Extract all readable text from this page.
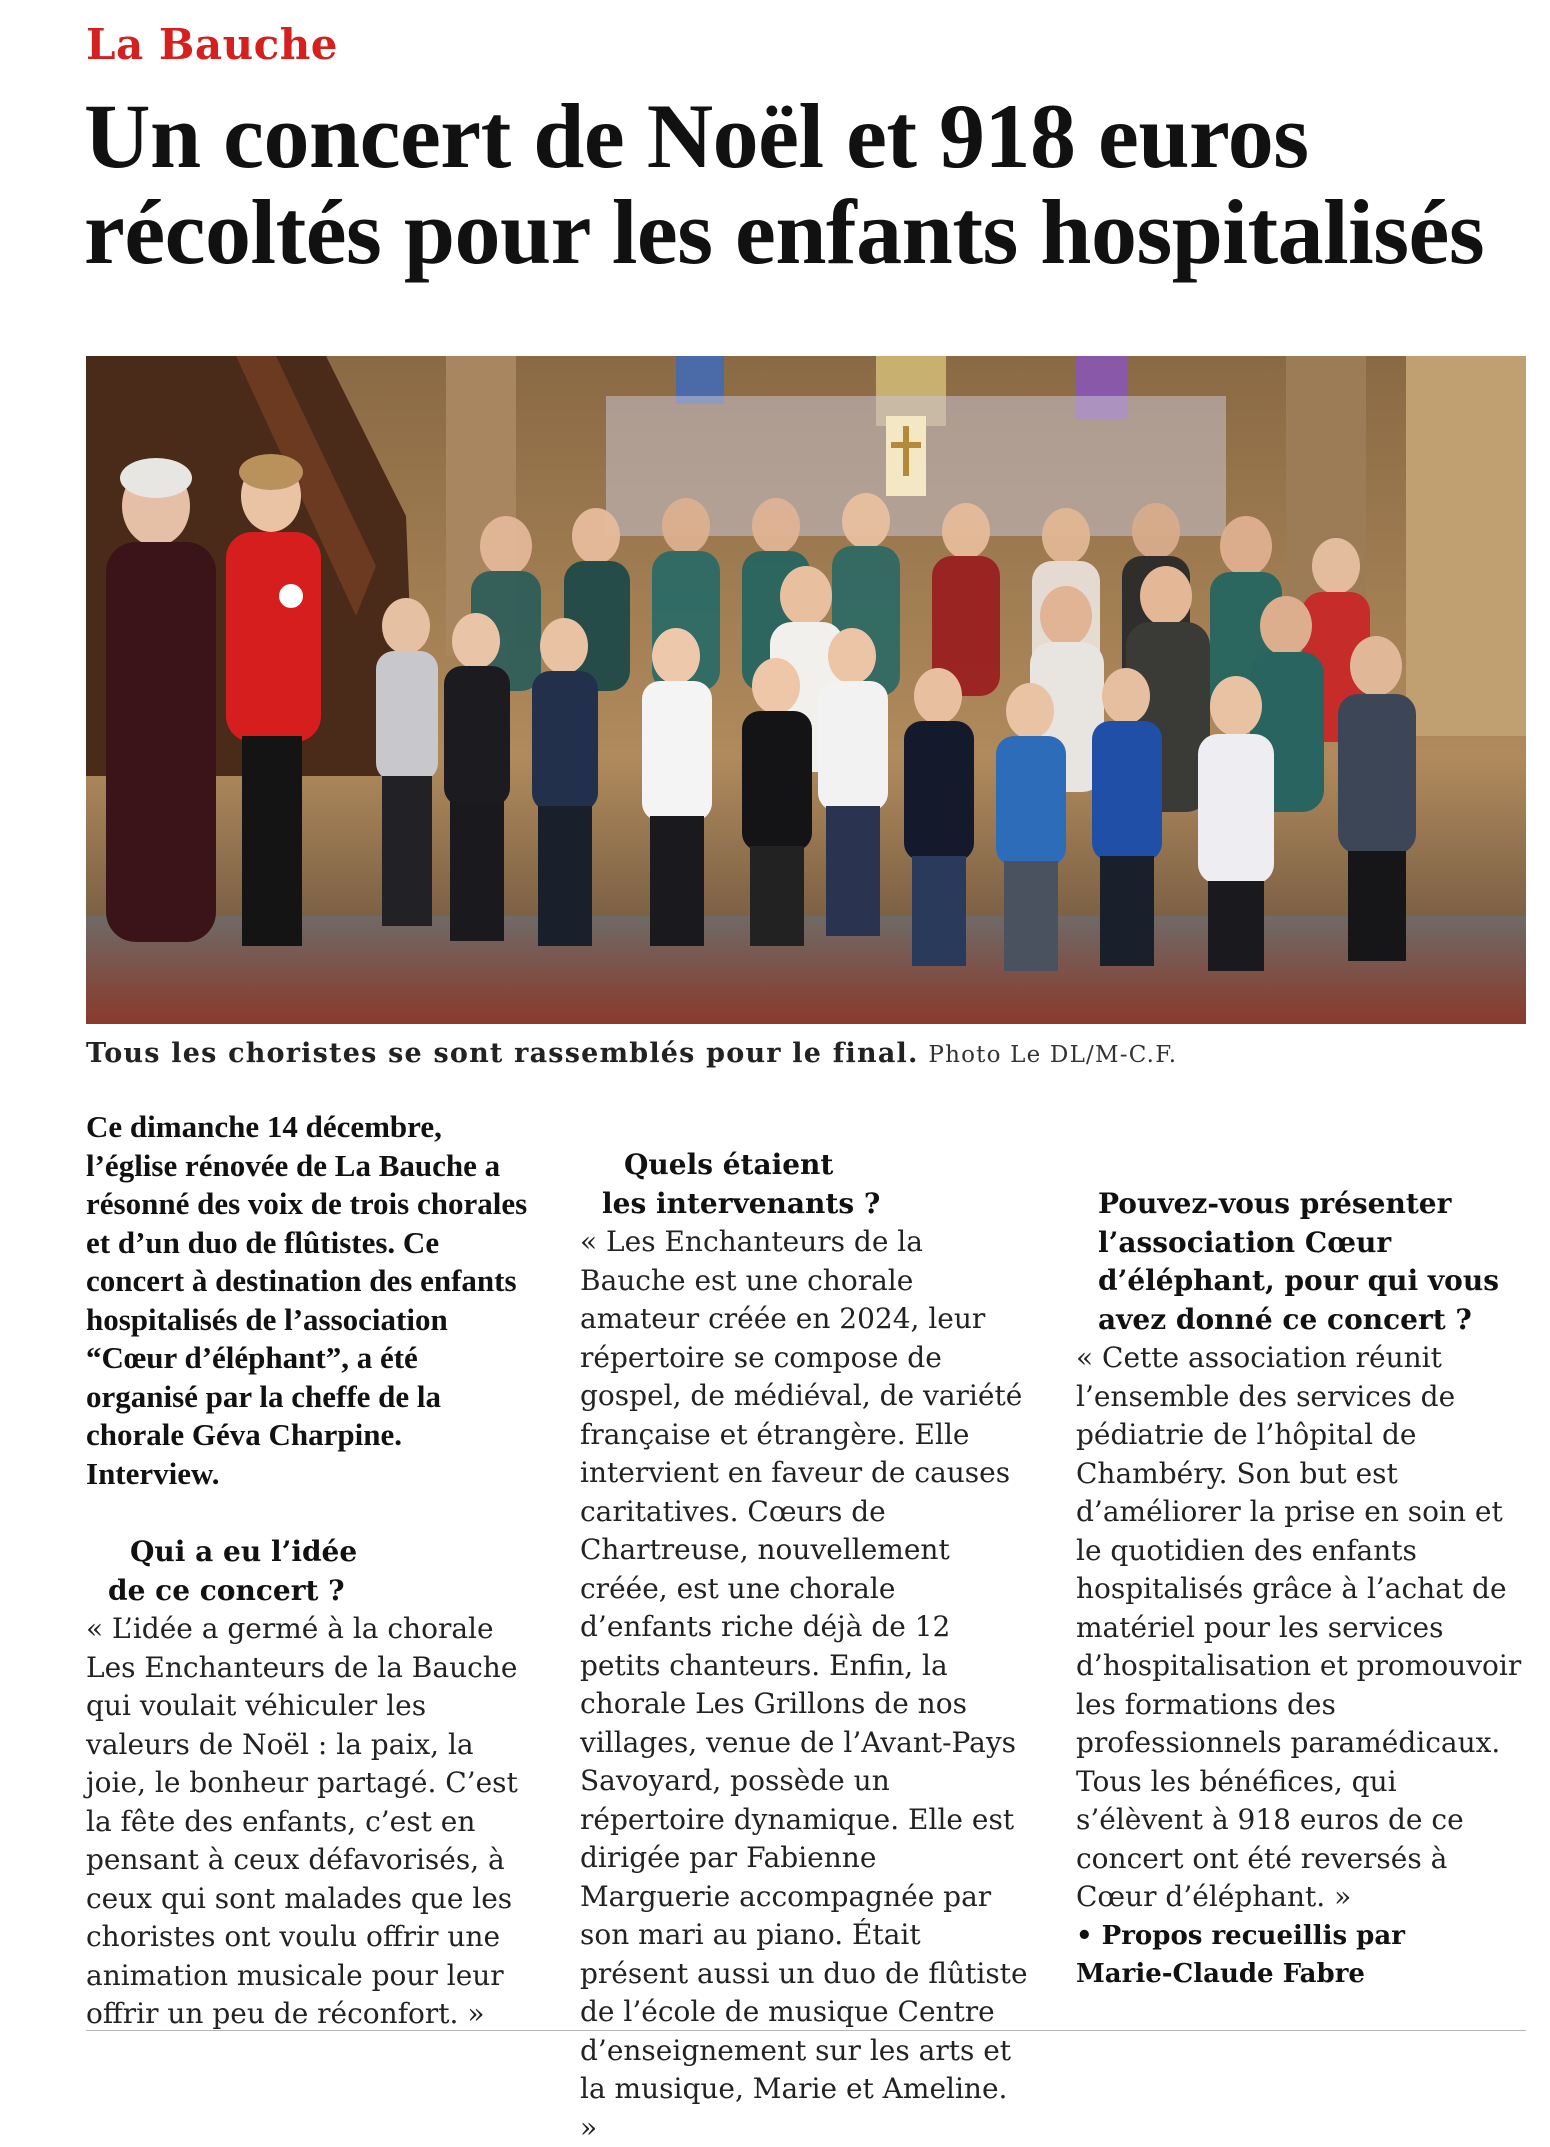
La Bauche
Un concert de Noël et 918 euros
récoltés pour les enfants hospitalisés
Tous les choristes se sont rassemblés pour le final. Photo Le DL/M-C.F.

Ce dimanche 14 décembre, l’église rénovée de La Bauche a résonné des voix de trois chorales et d’un duo de flûtistes. Ce concert à destination des enfants hospitalisés de l’association “Cœur d’éléphant”, a été organisé par la cheffe de la chorale Géva Charpine. Interview.

Qui a eu l’idée

de ce concert ?

« L’idée a germé à la chorale Les Enchanteurs de la Bauche qui voulait véhiculer les valeurs de Noël : la paix, la joie, le bonheur partagé. C’est la fête des enfants, c’est en pensant à ceux défavorisés, à ceux qui sont malades que les choristes ont voulu offrir une animation musicale pour leur offrir un peu de réconfort. »

Quels étaient

les intervenants ?

« Les Enchanteurs de la Bauche est une chorale amateur créée en 2024, leur répertoire se compose de gospel, de médiéval, de variété française et étrangère. Elle intervient en faveur de causes caritatives. Cœurs de Chartreuse, nouvellement créée, est une chorale d’enfants riche déjà de 12 petits chanteurs. Enfin, la chorale Les Grillons de nos villages, venue de l’Avant-Pays Savoyard, possède un répertoire dynamique. Elle est dirigée par Fabienne Marguerie accompagnée par son mari au piano. Était présent aussi un duo de flûtiste de l’école de musique Centre d’enseignement sur les arts et la musique, Marie et Ameline. »

Pouvez-vous présenter l’association Cœur d’éléphant, pour qui vous avez donné ce concert ?

« Cette association réunit l’ensemble des services de pédiatrie de l’hôpital de Chambéry. Son but est d’améliorer la prise en soin et le quotidien des enfants hospitalisés grâce à l’achat de matériel pour les services d’hospitalisation et promouvoir les formations des professionnels paramédicaux. Tous les bénéfices, qui s’élèvent à 918 euros de ce concert ont été reversés à Cœur d’éléphant. »

• Propos recueillis par

Marie-Claude Fabre
